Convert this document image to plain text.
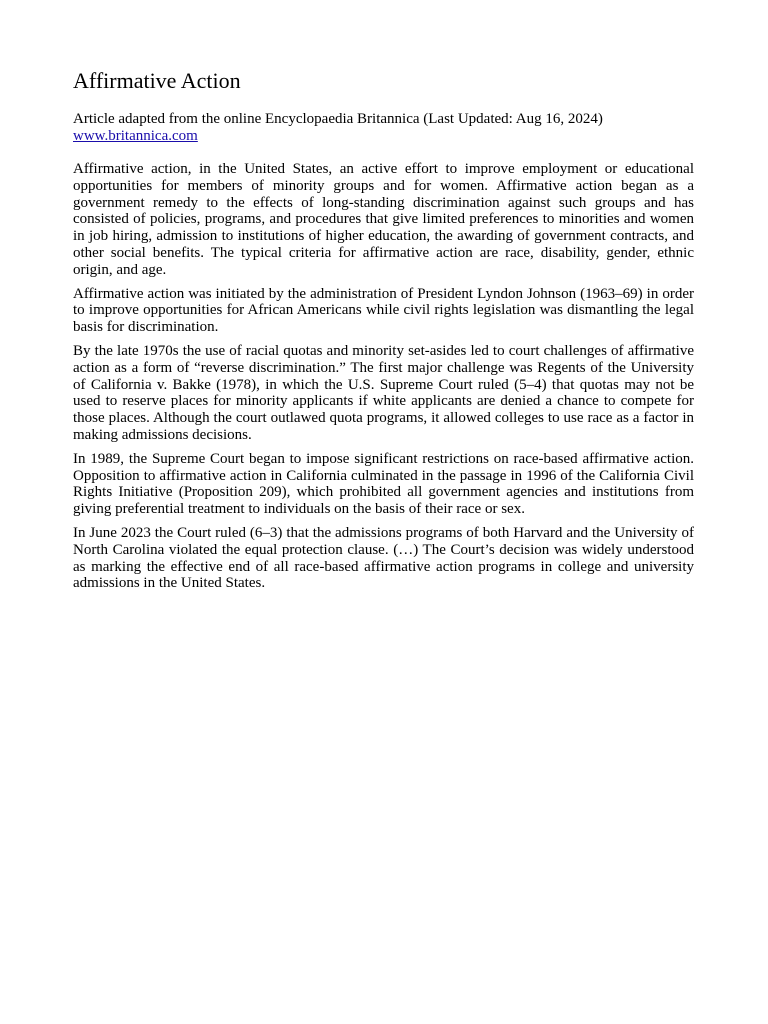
Affirmative Action
Article adapted from the online Encyclopaedia Britannica (Last Updated: Aug 16, 2024)
www.britannica.com

Affirmative action, in the United States, an active effort to improve employment or educational opportunities for members of minority groups and for women. Affirmative action began as a government remedy to the effects of long-standing discrimination against such groups and has consisted of policies, programs, and procedures that give limited preferences to minorities and women in job hiring, admission to institutions of higher education, the awarding of government contracts, and other social benefits. The typical criteria for affirmative action are race, disability, gender, ethnic origin, and age.

Affirmative action was initiated by the administration of President Lyndon Johnson (1963–69) in order to improve opportunities for African Americans while civil rights legislation was dismantling the legal basis for discrimination.

By the late 1970s the use of racial quotas and minority set-asides led to court challenges of affirmative action as a form of “reverse discrimination.” The first major challenge was Regents of the University of California v. Bakke (1978), in which the U.S. Supreme Court ruled (5–4) that quotas may not be used to reserve places for minority applicants if white applicants are denied a chance to compete for those places. Although the court outlawed quota programs, it allowed colleges to use race as a factor in making admissions decisions.

In 1989, the Supreme Court began to impose significant restrictions on race-based affirmative action. Opposition to affirmative action in California culminated in the passage in 1996 of the California Civil Rights Initiative (Proposition 209), which prohibited all government agencies and institutions from giving preferential treatment to individuals on the basis of their race or sex.

In June 2023 the Court ruled (6–3) that the admissions programs of both Harvard and the University of North Carolina violated the equal protection clause. (…) The Court’s decision was widely understood as marking the effective end of all race-based affirmative action programs in college and university admissions in the United States.
